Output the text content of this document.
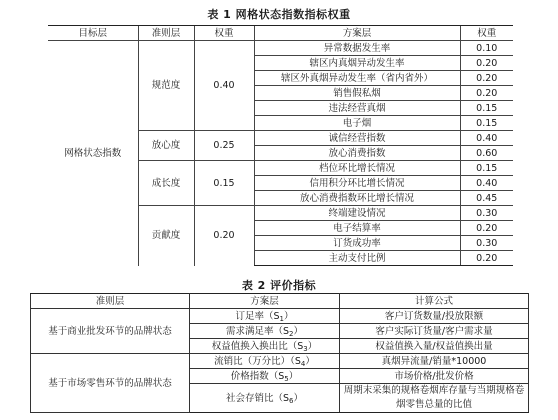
表 1 网格状态指数指标权重
目标层	准则层	权重	方案层	权重
网格状态指数	规范度	0.40	异常数据发生率	0.10
			辖区内真烟异动发生率	0.20
			辖区外真烟异动发生率（省内省外）	0.20
			销售假私烟	0.20
			违法经营真烟	0.15
			电子烟	0.15
	放心度	0.25	诚信经营指数	0.40
			放心消费指数	0.60
	成长度	0.15	档位环比增长情况	0.15
			信用积分环比增长情况	0.40
			放心消费指数环比增长情况	0.45
	贡献度	0.20	终端建设情况	0.30
			电子结算率	0.20
			订货成功率	0.30
			主动支付比例	0.20
表 2 评价指标
准则层	方案层	计算公式
基于商业批发环节的品牌状态	订足率$(S_1)$	客户订货数量/投放限额
	需求满足率$(S_2)$	客户实际订货量/客户需求量
	权益值换入换出比$(S_3)$	权益值换入量/权益值换出量
基于市场零售环节的品牌状态	流销比（万分比）$(S_4)$	真烟异流量/销量*10000
	价格指数$(S_5)$	市场价格/批发价格
	社会存销比$(S_6)$	周期末采集的规格卷烟库存量与当期规格卷烟零售总量的比值
